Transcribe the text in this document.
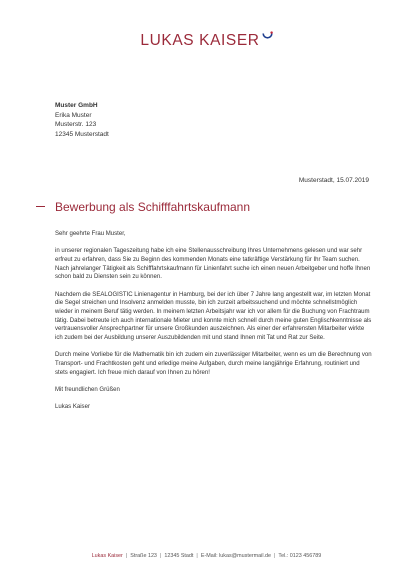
LUKAS KAISER
Muster GmbH
Erika Muster
Musterstr. 123
12345 Musterstadt
Musterstadt, 15.07.2019
Bewerbung als Schifffahrtskaufmann

Sehr geehrte Frau Muster,

in unserer regionalen Tageszeitung habe ich eine Stellenausschreibung Ihres Unternehmens gelesen und war sehr erfreut zu erfahren, dass Sie zu Beginn des kommenden Monats eine tatkräftige Verstärkung für Ihr Team suchen. Nach jahrelanger Tätigkeit als Schifffahrtskaufmann für Linienfahrt suche ich einen neuen Arbeitgeber und hoffe Ihnen schon bald zu Diensten sein zu können.

Nachdem die SEALOGISTIC Linienagentur in Hamburg, bei der ich über 7 Jahre lang angestellt war, im letzten Monat die Segel streichen und Insolvenz anmelden musste, bin ich zurzeit arbeitssuchend und möchte schnellstmöglich wieder in meinem Beruf tätig werden. In meinem letzten Arbeitsjahr war ich vor allem für die Buchung von Frachtraum tätig. Dabei betreute ich auch internationale Mieter und konnte mich schnell durch meine guten Englischkenntnisse als vertrauensvoller Ansprechpartner für unsere Großkunden auszeichnen. Als einer der erfahrensten Mitarbeiter wirkte ich zudem bei der Ausbildung unserer Auszubildenden mit und stand Ihnen mit Tat und Rat zur Seite.

Durch meine Vorliebe für die Mathematik bin ich zudem ein zuverlässiger Mitarbeiter, wenn es um die Berechnung von Transport- und Frachtkosten geht und erledige meine Aufgaben, durch meine langjährige Erfahrung, routiniert und stets engagiert. Ich freue mich darauf von Ihnen zu hören!

Mit freundlichen Grüßen

Lukas Kaiser

Lukas Kaiser | Straße 123 | 12345 Stadt | E-Mail: lukas@mustermail.de | Tel.: 0123 456789
